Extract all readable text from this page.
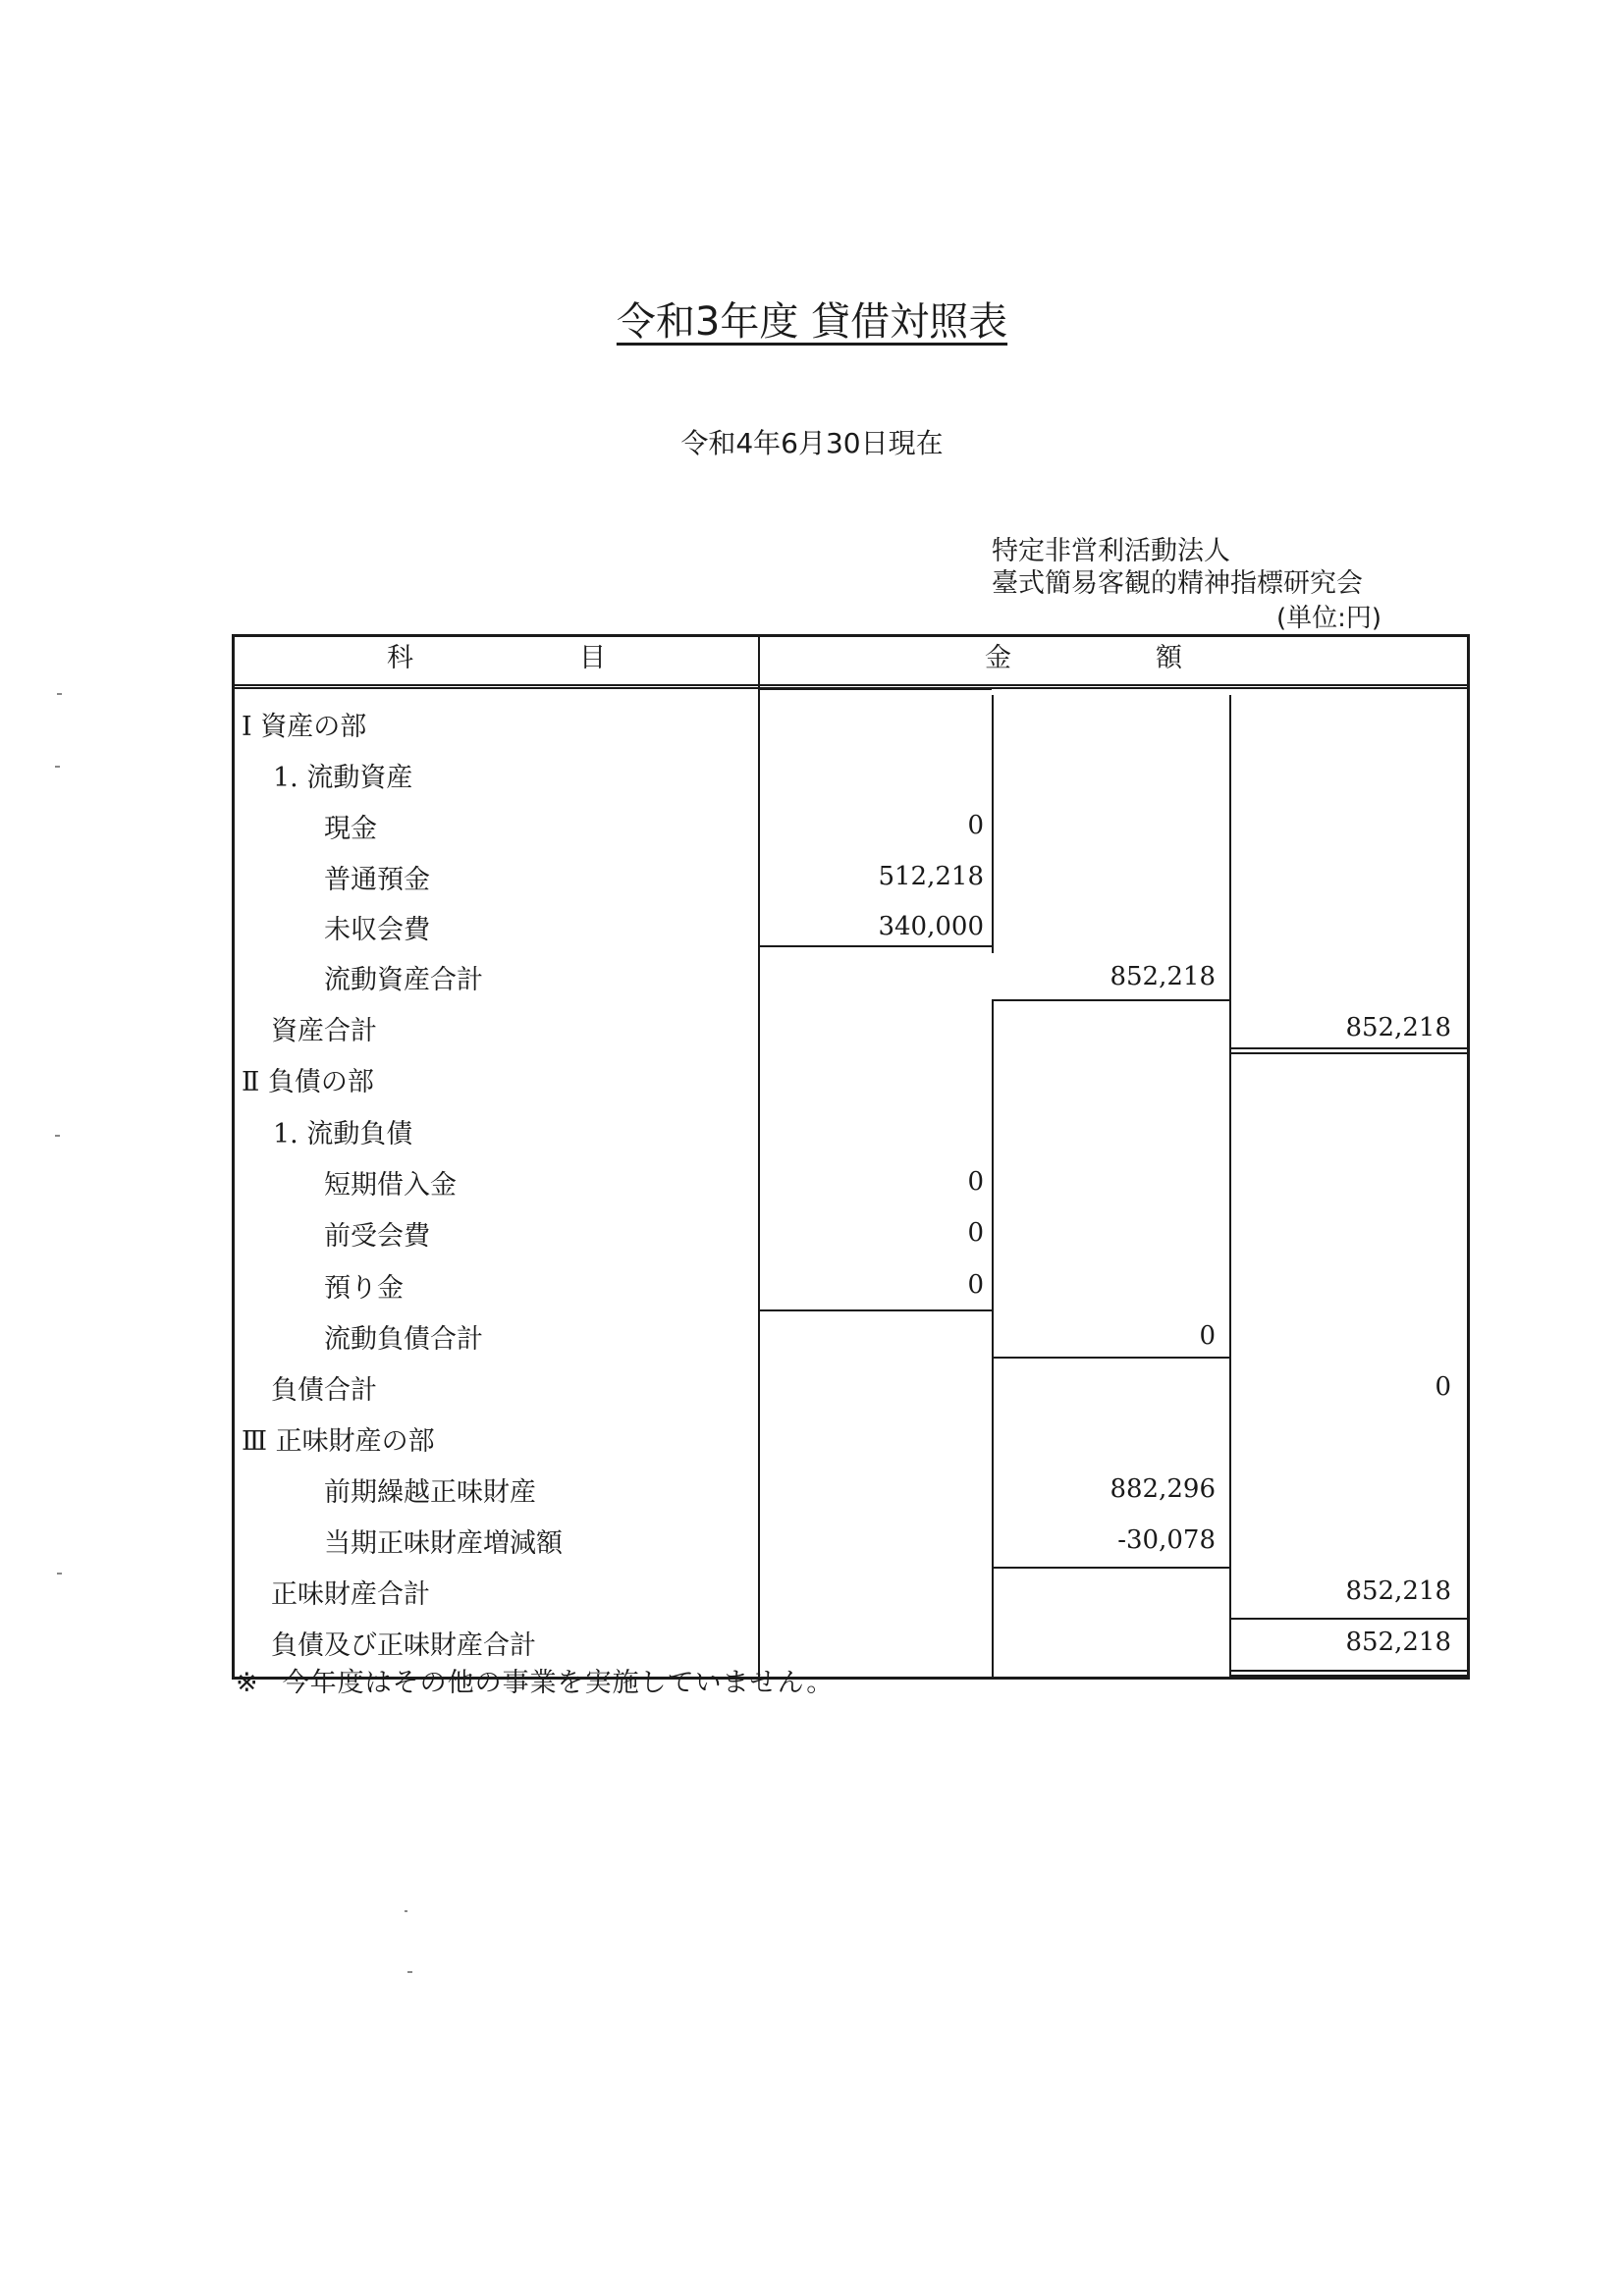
令和3年度 貸借対照表
令和4年6月30日現在
特定非営利活動法人
臺式簡易客観的精神指標研究会
(単位:円)
科	目	金	額
Ⅰ 資産の部
1. 流動資産
現金	0
普通預金	512,218
未収会費	340,000
流動資産合計	852,218
資産合計	852,218
Ⅱ 負債の部
1. 流動負債
短期借入金	0
前受会費	0
預り金	0
流動負債合計	0
負債合計	0
Ⅲ 正味財産の部
前期繰越正味財産	882,296
当期正味財産増減額	-30,078
正味財産合計	852,218
負債及び正味財産合計	852,218
※ 今年度はその他の事業を実施していません。
